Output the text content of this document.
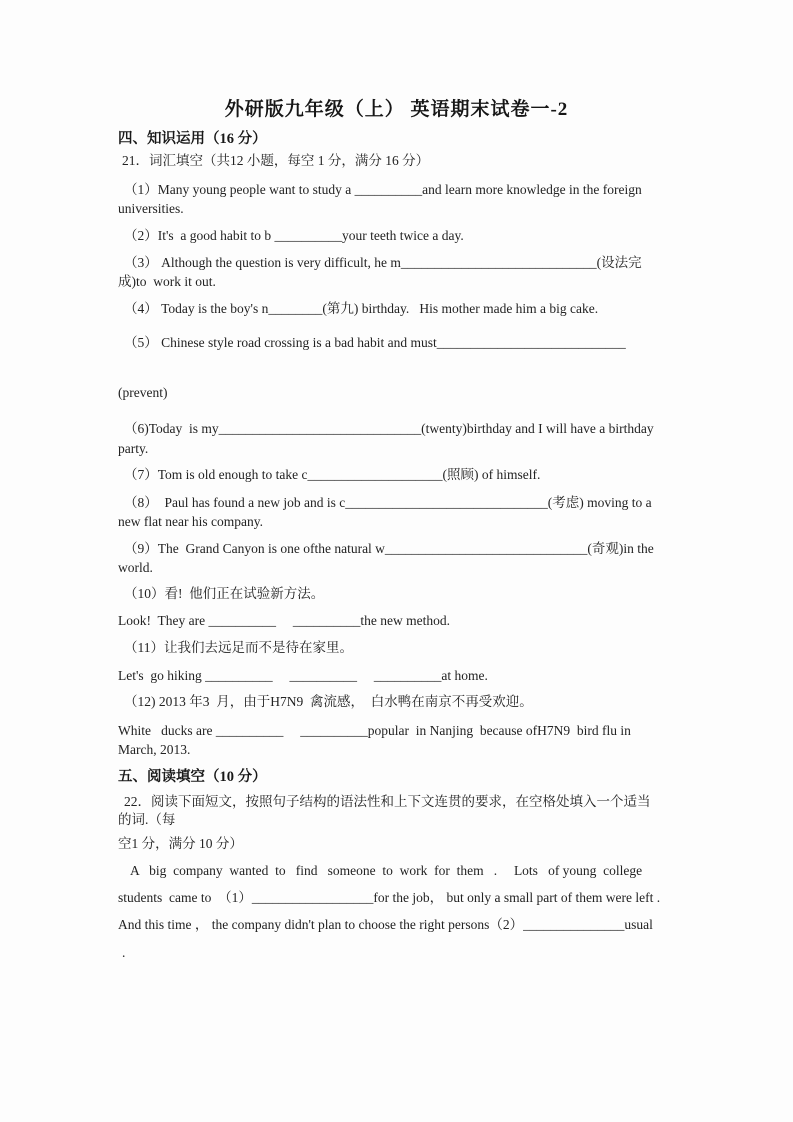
外研版九年级（上） 英语期末试卷一-2
四、知识运用（16 分）
21．词汇填空（共12 小题，每空 1 分，满分 16 分）
（1）Many young people want to study a __________and learn more knowledge in the foreign
universities.
（2）It's  a good habit to b __________your teeth twice a day.
（3） Although the question is very difficult, he m_____________________________(设法完
成)to  work it out.
（4） Today is the boy's n________(第九) birthday.   His mother made him a big cake.
（5） Chinese style road crossing is a bad habit and must____________________________
(prevent)
（6)Today  is my______________________________(twenty)birthday and I will have a birthday
party.
（7）Tom is old enough to take c____________________(照顾) of himself.
（8）  Paul has found a new job and is c______________________________(考虑) moving to a
new flat near his company.
（9）The  Grand Canyon is one ofthe natural w______________________________(奇观)in the
world.
（10）看!  他们正在试验新方法。
Look!  They are __________     __________the new method.
（11）让我们去远足而不是待在家里。
Let's  go hiking __________     __________     __________at home.
（12) 2013 年3  月，由于H7N9  禽流感，  白水鸭在南京不再受欢迎。
White   ducks are __________     __________popular  in Nanjing  because ofH7N9  bird flu in
March, 2013.
五、阅读填空（10 分）
22．阅读下面短文，按照句子结构的语法性和上下文连贯的要求，在空格处填入一个适当
的词.（每
空1 分，满分 10 分）
A   big  company  wanted  to   find   someone  to  work  for  them   .     Lots   of young  college
students  came to  （1）__________________for the job， but only a small part of them were left .
And this time ， the company didn't plan to choose the right persons（2）_______________usual
.
